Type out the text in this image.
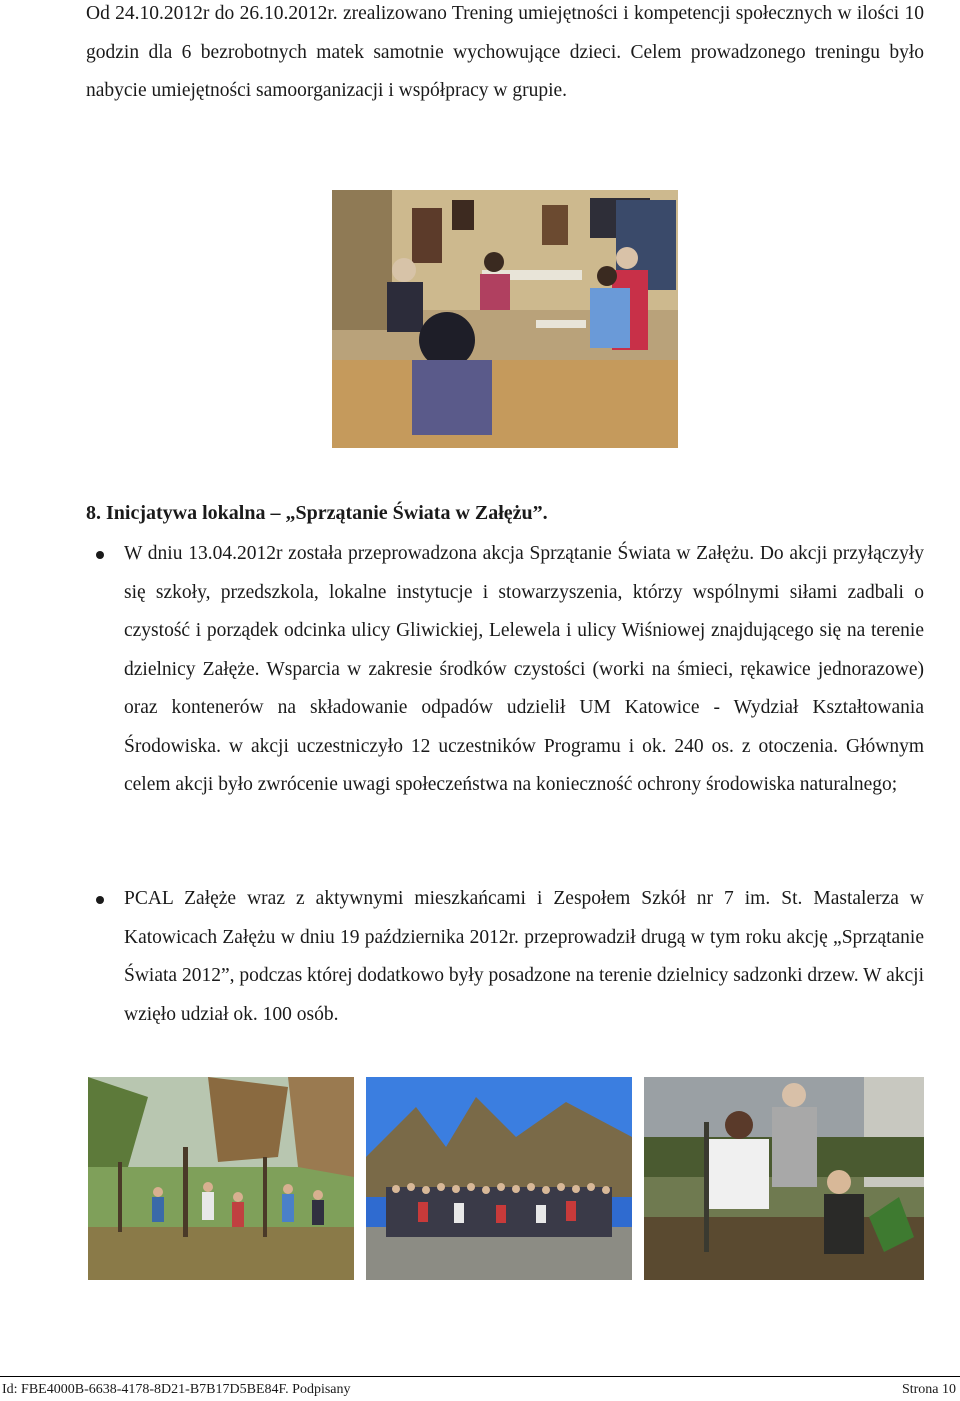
Od 24.10.2012r do 26.10.2012r. zrealizowano Trening umiejętności i kompetencji społecznych w ilości 10 godzin dla 6 bezrobotnych matek samotnie wychowujące dzieci. Celem prowadzonego treningu było nabycie umiejętności samoorganizacji i współpracy w grupie.

8. Inicjatywa lokalna – „Sprzątanie Świata w Załężu”.

W dniu 13.04.2012r została przeprowadzona akcja Sprzątanie Świata w Załężu. Do akcji przyłączyły się szkoły, przedszkola, lokalne instytucje i stowarzyszenia, którzy wspólnymi siłami zadbali o czystość i porządek odcinka ulicy Gliwickiej, Lelewela i ulicy Wiśniowej znajdującego się na terenie dzielnicy Załęże. Wsparcia w zakresie środków czystości (worki na śmieci, rękawice jednorazowe) oraz kontenerów na składowanie odpadów udzielił UM Katowice - Wydział Kształtowania Środowiska. w akcji uczestniczyło 12 uczestników Programu i ok. 240 os. z otoczenia. Głównym celem akcji było zwrócenie uwagi społeczeństwa na konieczność ochrony środowiska naturalnego;

PCAL Załęże wraz z aktywnymi mieszkańcami i Zespołem Szkół nr 7 im. St. Mastalerza w Katowicach Załężu w dniu 19 października 2012r. przeprowadził drugą w tym roku akcję „Sprzątanie Świata 2012”, podczas której dodatkowo były posadzone na terenie dzielnicy sadzonki drzew. W akcji wzięło udział ok. 100 osób.

Id: FBE4000B-6638-4178-8D21-B7B17D5BE84F. Podpisany	Strona 10
